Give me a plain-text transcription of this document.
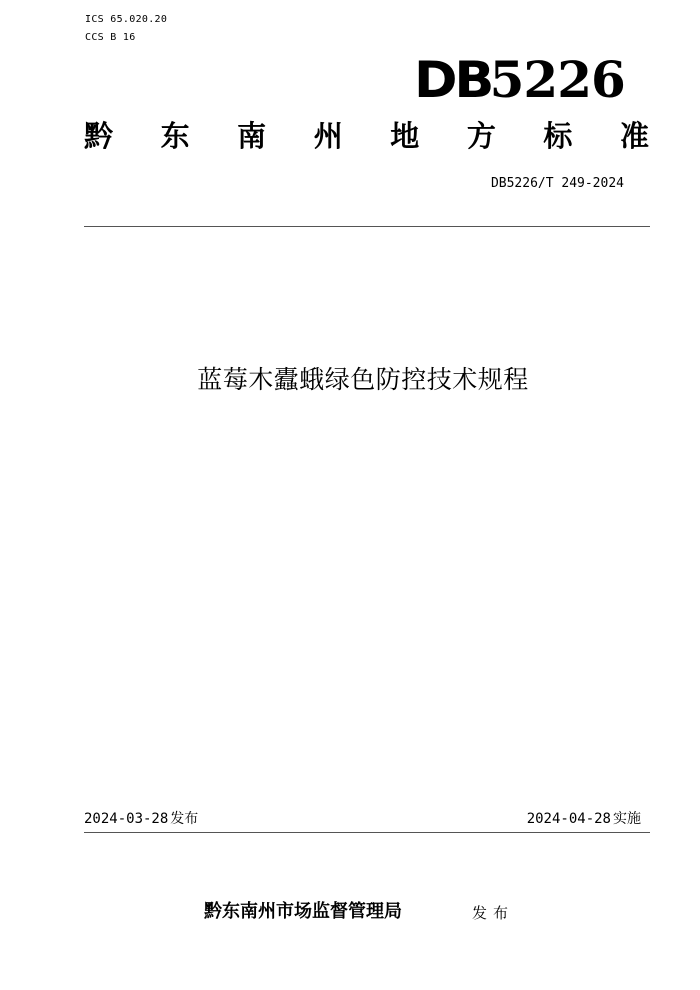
ICS 65.020.20
CCS B 16
DB
5226
黔 东 南 州 地 方 标 准
DB5226/T 249-2024
蓝莓木蠹蛾绿色防控技术规程
2024-03-28 发布	2024-04-28 实施
黔东南州市场监督管理局	发布
